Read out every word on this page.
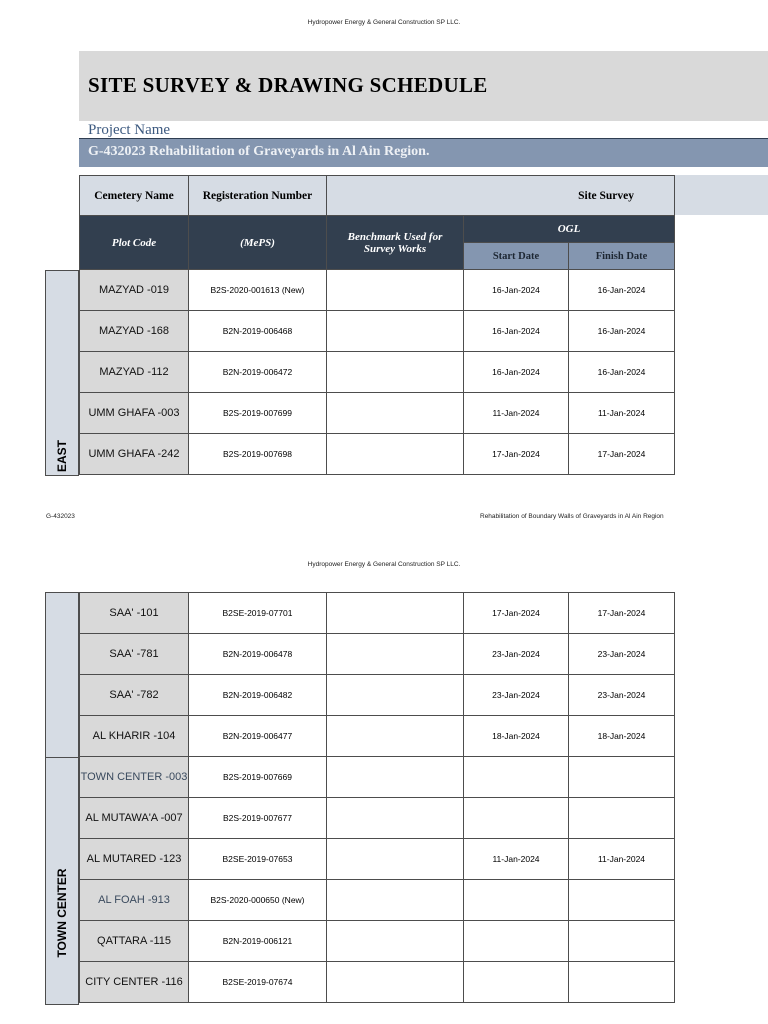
Hydropower Energy & General Construction SP LLC.
SITE SURVEY & DRAWING SCHEDULE
Project Name
G-432023 Rehabilitation of Graveyards in Al Ain Region.
Cemetery Name	Registeration Number	Site Survey		
Plot Code	(MePS)	Benchmark Used for Survey Works	OGL	
			Start Date	Finish Date
MAZYAD -019	B2S-2020-001613 (New)		16-Jan-2024	16-Jan-2024
MAZYAD -168	B2N-2019-006468		16-Jan-2024	16-Jan-2024
MAZYAD -112	B2N-2019-006472		16-Jan-2024	16-Jan-2024
UMM GHAFA -003	B2S-2019-007699		11-Jan-2024	11-Jan-2024
UMM GHAFA -242	B2S-2019-007698		17-Jan-2024	17-Jan-2024
EAST
G-432023	Rehabilitation of Boundary Walls of Graveyards in Al Ain Region
Hydropower Energy & General Construction SP LLC.
SAA' -101	B2SE-2019-07701		17-Jan-2024	17-Jan-2024
SAA' -781	B2N-2019-006478		23-Jan-2024	23-Jan-2024
SAA' -782	B2N-2019-006482		23-Jan-2024	23-Jan-2024
AL KHARIR -104	B2N-2019-006477		18-Jan-2024	18-Jan-2024
TOWN CENTER -003	B2S-2019-007669			
AL MUTAWA'A -007	B2S-2019-007677			
AL MUTARED -123	B2SE-2019-07653		11-Jan-2024	11-Jan-2024
AL FOAH -913	B2S-2020-000650 (New)			
QATTARA -115	B2N-2019-006121			
CITY CENTER -116	B2SE-2019-07674			
TOWN CENTER
